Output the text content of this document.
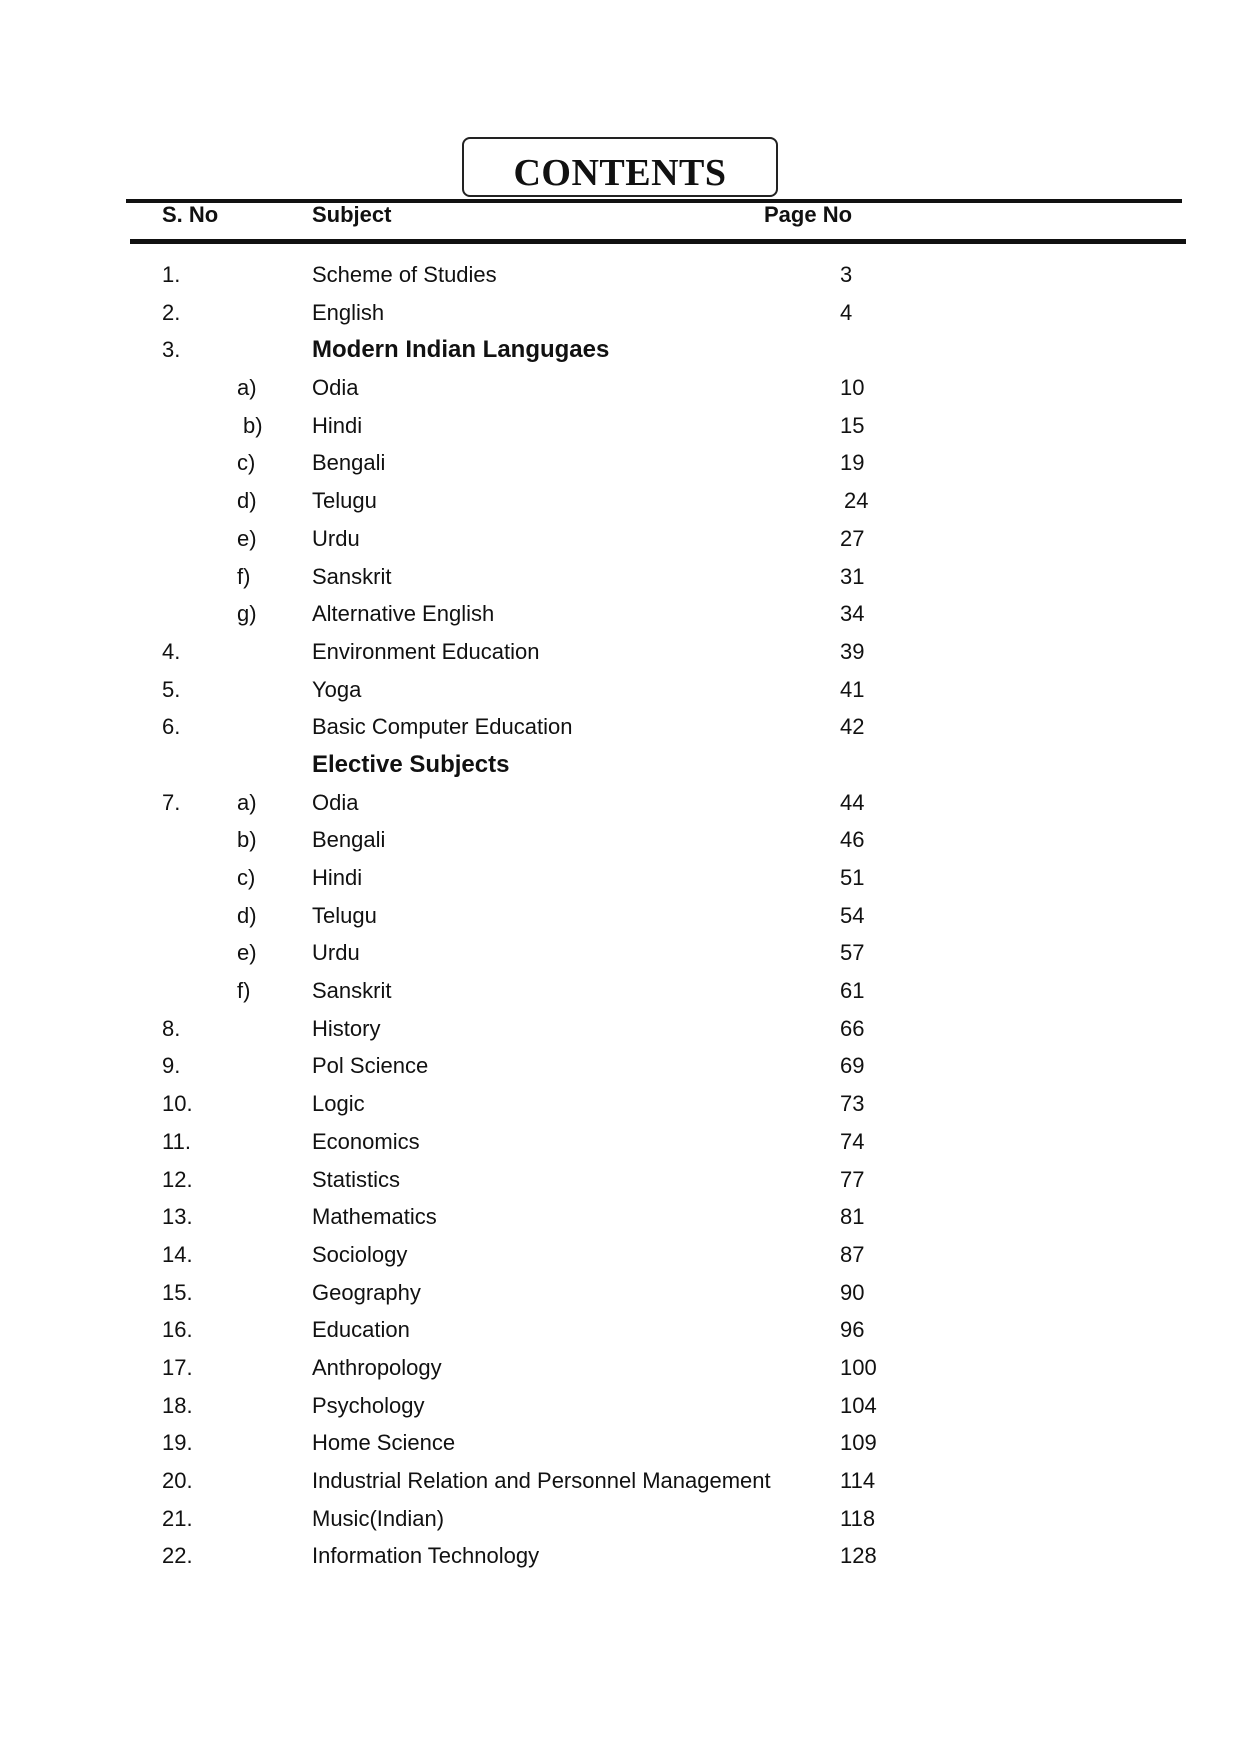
CONTENTS
S. No	Subject	Page No
1.	Scheme of Studies	3
2.	English	4
3.	Modern Indian Langugaes
a)	Odia	10
b) Hindi	15
c)	Bengali	19
d)	Telugu	24
e)	Urdu	27
f)	Sanskrit	31
g)	Alternative English	34
4.	Environment Education	39
5.	Yoga	41
6.	Basic Computer Education	42
Elective Subjects
7.	a)	Odia	44
b)	Bengali	46
c)	Hindi	51
d)	Telugu	54
e)	Urdu	57
f)	Sanskrit	61
8.	History	66
9.	Pol Science	69
10.	Logic	73
11.	Economics	74
12.	Statistics	77
13.	Mathematics	81
14.	Sociology	87
15.	Geography	90
16.	Education	96
17.	Anthropology	100
18.	Psychology	104
19.	Home Science	109
20.	Industrial Relation and Personnel Management	114
21.	Music(Indian)	118
22.	Information Technology	128
